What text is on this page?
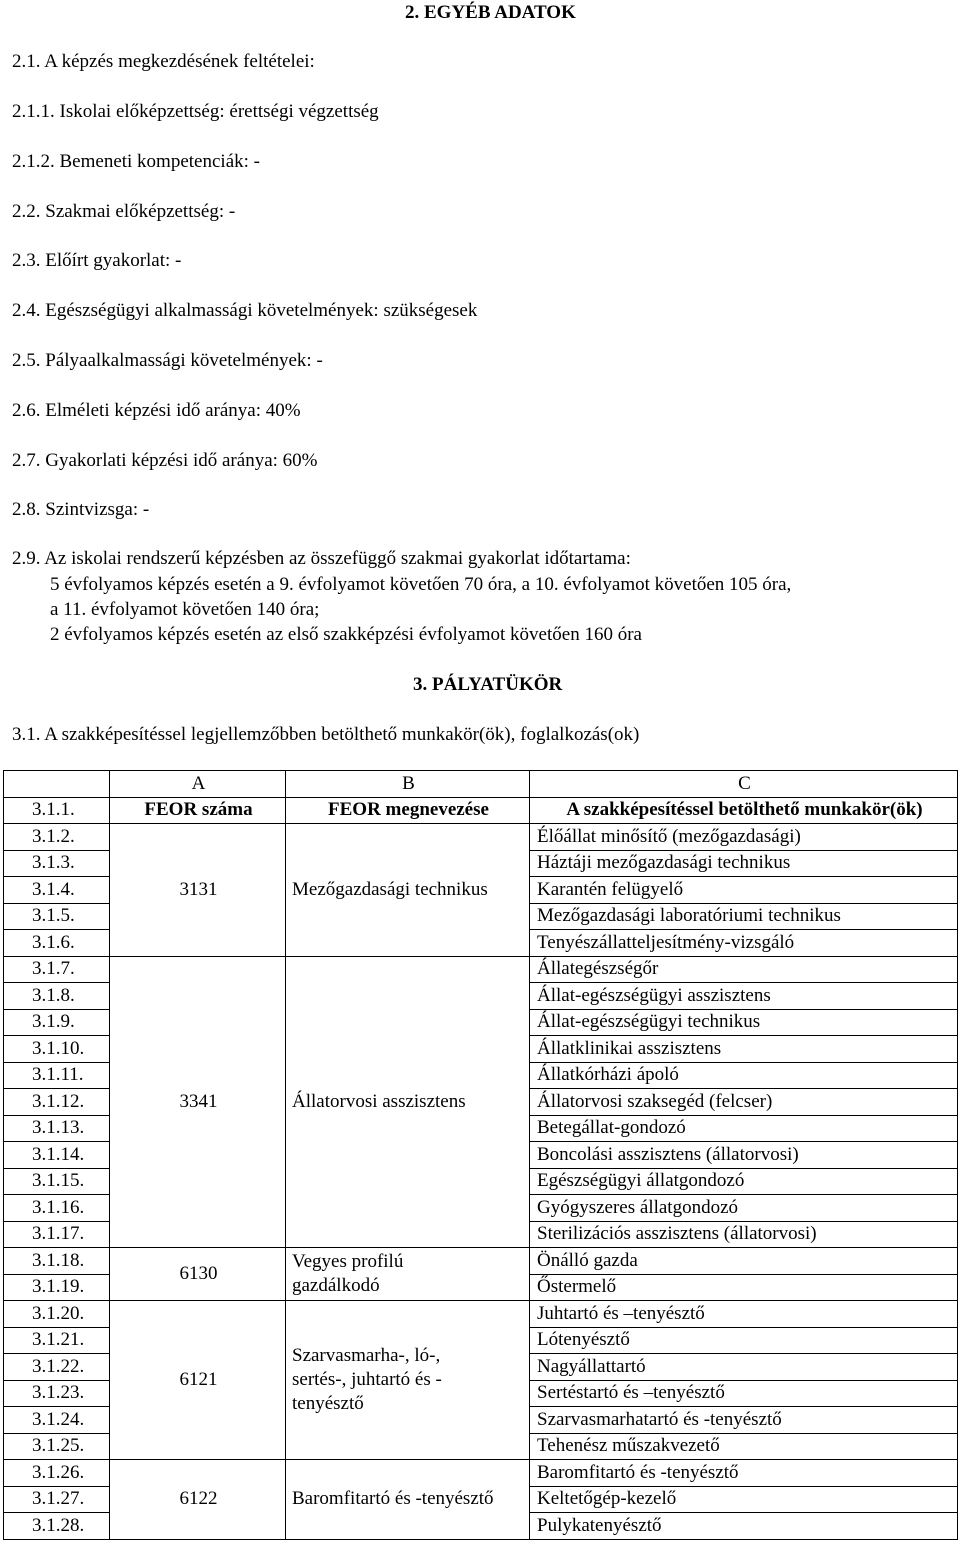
2. EGYÉB ADATOK
2.1. A képzés megkezdésének feltételei:
2.1.1. Iskolai előképzettség: érettségi végzettség
2.1.2. Bemeneti kompetenciák: -
2.2. Szakmai előképzettség: -
2.3. Előírt gyakorlat: -
2.4. Egészségügyi alkalmassági követelmények: szükségesek
2.5. Pályaalkalmassági követelmények: -
2.6. Elméleti képzési idő aránya: 40%
2.7. Gyakorlati képzési idő aránya: 60%
2.8. Szintvizsga: -
2.9. Az iskolai rendszerű képzésben az összefüggő szakmai gyakorlat időtartama:
5 évfolyamos képzés esetén a 9. évfolyamot követően 70 óra, a 10. évfolyamot követően 105 óra,
a 11. évfolyamot követően 140 óra;
2 évfolyamos képzés esetén az első szakképzési évfolyamot követően 160 óra
3. PÁLYATÜKÖR
3.1. A szakképesítéssel legjellemzőbben betölthető munkakör(ök), foglalkozás(ok)
	A	B	C
3.1.1.	FEOR száma	FEOR megnevezése	A szakképesítéssel betölthető munkakör(ök)
3.1.2.	3131	Mezőgazdasági technikus	Élőállat minősítő (mezőgazdasági)
3.1.3.			Háztáji mezőgazdasági technikus
3.1.4.			Karantén felügyelő
3.1.5.			Mezőgazdasági laboratóriumi technikus
3.1.6.			Tenyészállatteljesítmény-vizsgáló
3.1.7.	3341	Állatorvosi asszisztens	Állategészségőr
3.1.8.			Állat-egészségügyi asszisztens
3.1.9.			Állat-egészségügyi technikus
3.1.10.			Állatklinikai asszisztens
3.1.11.			Állatkórházi ápoló
3.1.12.			Állatorvosi szaksegéd (felcser)
3.1.13.			Betegállat-gondozó
3.1.14.			Boncolási asszisztens (állatorvosi)
3.1.15.			Egészségügyi állatgondozó
3.1.16.			Gyógyszeres állatgondozó
3.1.17.			Sterilizációs asszisztens (állatorvosi)
3.1.18.	6130	Vegyes profilú gazdálkodó	Önálló gazda
3.1.19.			Őstermelő
3.1.20.	6121	Szarvasmarha-, ló-, sertés-, juhtartó és -tenyésztő	Juhtartó és –tenyésztő
3.1.21.			Lótenyésztő
3.1.22.			Nagyállattartó
3.1.23.			Sertéstartó és –tenyésztő
3.1.24.			Szarvasmarhatartó és -tenyésztő
3.1.25.			Tehenész műszakvezető
3.1.26.	6122	Baromfitartó és -tenyésztő	Baromfitartó és -tenyésztő
3.1.27.			Keltetőgép-kezelő
3.1.28.			Pulykatenyésztő
